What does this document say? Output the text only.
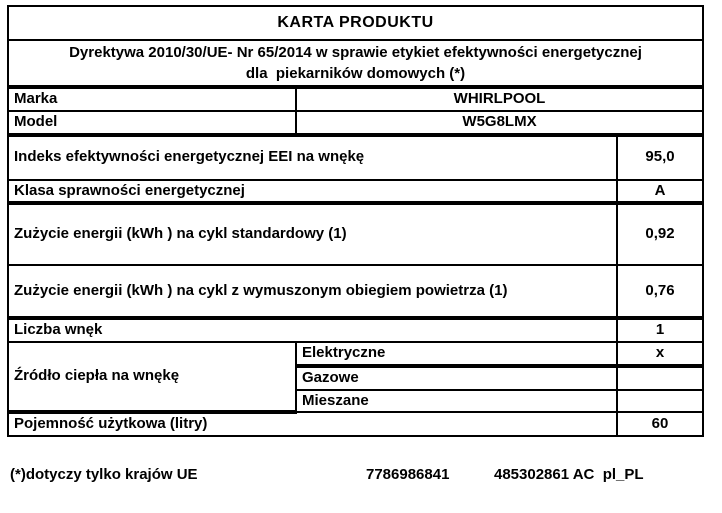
KARTA PRODUKTU		
Dyrektywa 2010/30/UE- Nr 65/2014 w sprawie etykiet efektywności energetycznej
dla  piekarników domowych (*)		
Marka	WHIRLPOOL	
Model	W5G8LMX	
Indeks efektywności energetycznej EEI na wnękę		95,0
Klasa sprawności energetycznej		A
Zużycie energii (kWh ) na cykl standardowy (1)		0,92
Zużycie energii (kWh ) na cykl z wymuszonym obiegiem powietrza (1)		0,76
Liczba wnęk		1
Źródło ciepła na wnękę	Elektryczne	x
	Gazowe	
	Mieszane	
Pojemność użytkowa (litry)		60
(*)dotyczy tylko krajów UE	7786986841	485302861 AC  pl_PL
